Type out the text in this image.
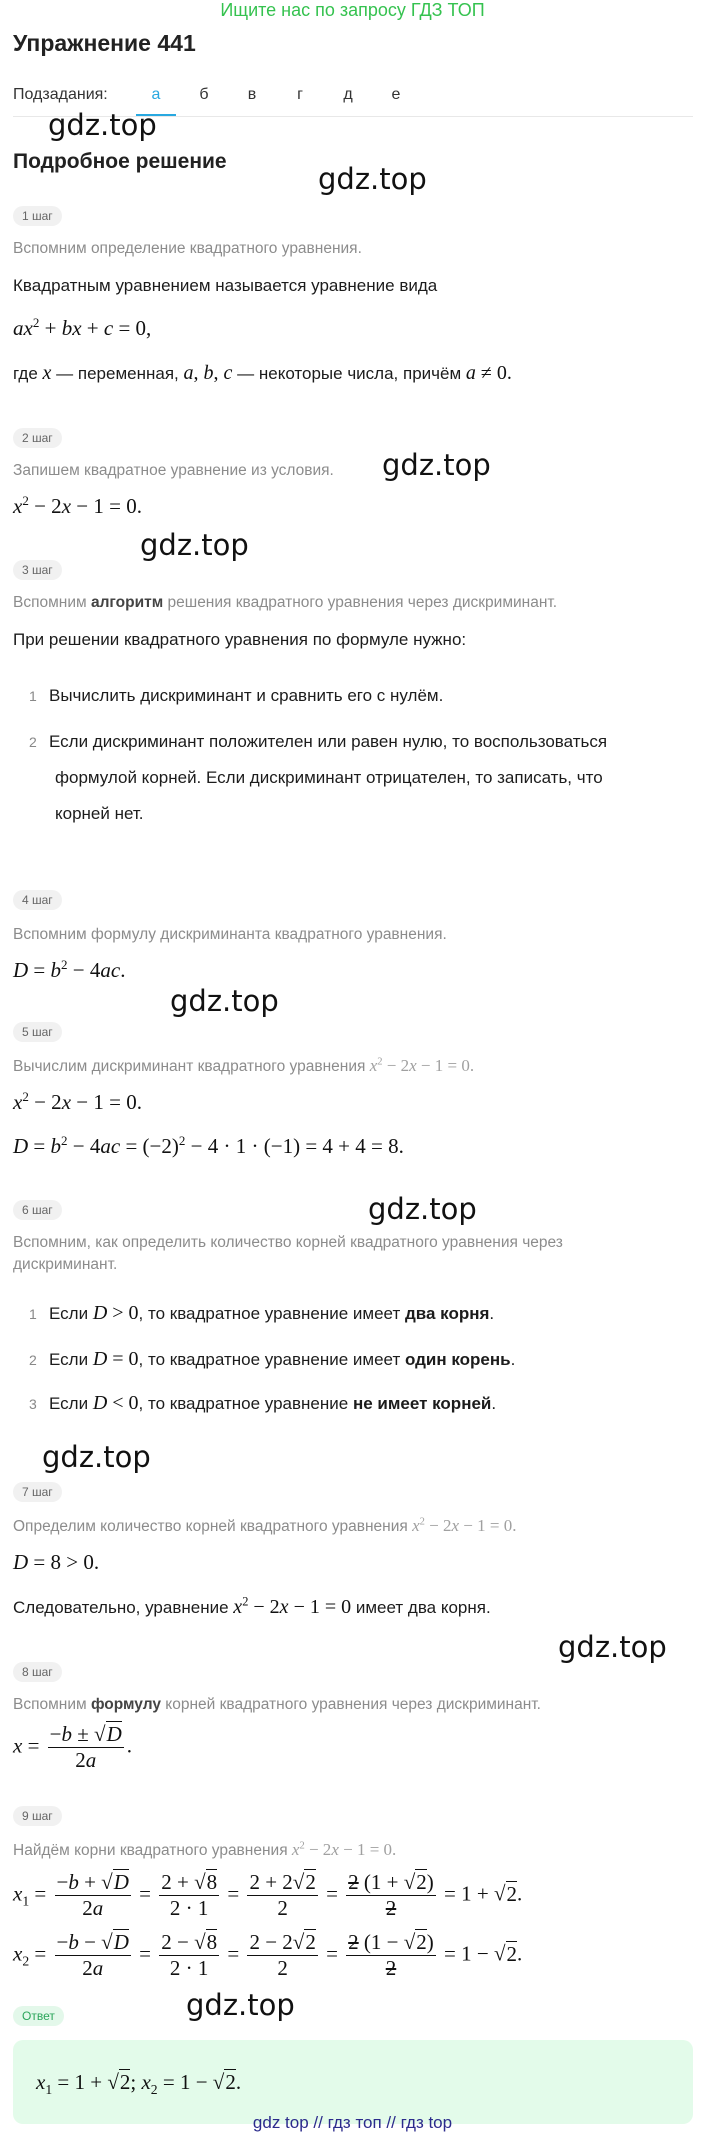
Ищите нас по запросу ГДЗ ТОП
Упражнение 441
Подзадания:	а	б	в	г	д	е
Подробное решение
gdz.top
gdz.top
gdz.top
gdz.top
gdz.top
gdz.top
gdz.top
gdz.top
gdz.top
1 шаг
Вспомним определение квадратного уравнения.
Квадратным уравнением называется уравнение вида
$ax^2$ + bx + c = 0,
где x — переменная, a, b, c — некоторые числа, причём a ≠ 0.
2 шаг
Запишем квадратное уравнение из условия.
$x^2 - 2x - 1 = 0$.
3 шаг
Вспомним алгоритм решения квадратного уравнения через дискриминант.
При решении квадратного уравнения по формуле нужно:
1 Вычислить дискриминант и сравнить его с нулём.
2 Если дискриминант положителен или равен нулю, то воспользоваться
формулой корней. Если дискриминант отрицателен, то записать, что
корней нет.
4 шаг
Вспомним формулу дискриминанта квадратного уравнения.
$D = b^2 - 4ac$.
5 шаг
Вычислим дискриминант квадратного уравнения $x^2 - 2x - 1 = 0$.
$x^2 - 2x - 1 = 0$.
$D = b^2 - 4ac = (-2)^2 - 4 \cdot 1 \cdot (-1) = 4 + 4 = 8$.
6 шаг
Вспомним, как определить количество корней квадратного уравнения через
дискриминант.
1 Если D > 0, то квадратное уравнение имеет два корня.
2 Если D = 0, то квадратное уравнение имеет один корень.
3 Если D < 0, то квадратное уравнение не имеет корней.
7 шаг
Определим количество корней квадратного уравнения $x^2 - 2x - 1 = 0$.
D = 8 > 0.
Следовательно, уравнение $x^2 - 2x - 1 = 0$ имеет два корня.
8 шаг
Вспомним формулу корней квадратного уравнения через дискриминант.
$x = \frac{-b \pm √D}{2a}$ .
9 шаг
Найдём корни квадратного уравнения $x^2 - 2x - 1 = 0$.
$x_1 = \frac{-b + √D}{2a} = \frac{2 + √8}{2 \cdot 1} = \frac{2 + 2√2}{2} = \frac{2 (1 + √2)}{2} = 1 + √2$.
$x_2 = \frac{-b - √D}{2a} = \frac{2 - √8}{2 \cdot 1} = \frac{2 - 2√2}{2} = \frac{2 (1 - √2)}{2} = 1 - √2$.
Ответ
$x_1 = 1 + √2$; $x_2 = 1 - √2$.
gdz top // гдз топ // гдз top
